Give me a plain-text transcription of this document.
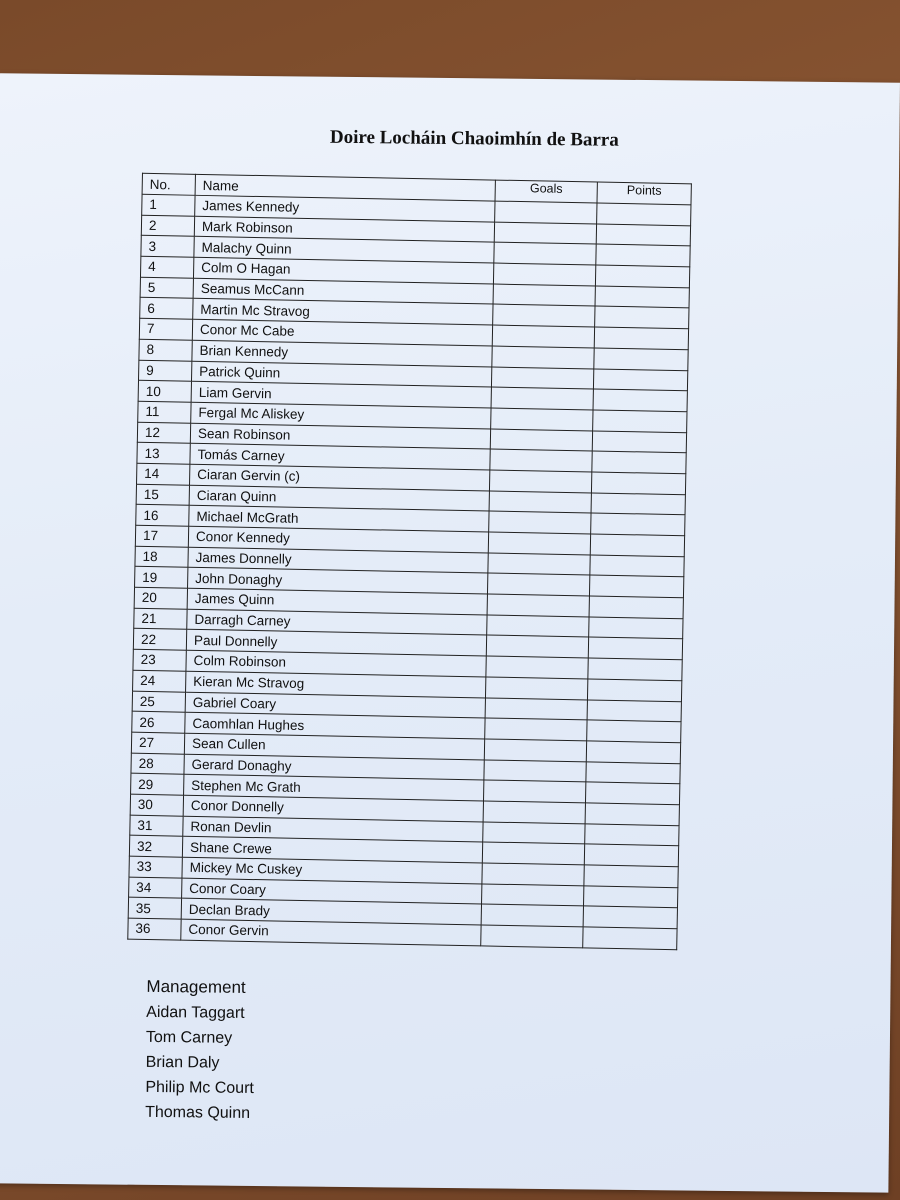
Doire Locháin Chaoimhín de Barra
No.	Name	Goals	Points
1	James Kennedy		
2	Mark Robinson		
3	Malachy Quinn		
4	Colm O Hagan		
5	Seamus McCann		
6	Martin Mc Stravog		
7	Conor Mc Cabe		
8	Brian Kennedy		
9	Patrick Quinn		
10	Liam Gervin		
11	Fergal Mc Aliskey		
12	Sean Robinson		
13	Tomás Carney		
14	Ciaran Gervin (c)		
15	Ciaran Quinn		
16	Michael McGrath		
17	Conor Kennedy		
18	James Donnelly		
19	John Donaghy		
20	James Quinn		
21	Darragh Carney		
22	Paul Donnelly		
23	Colm Robinson		
24	Kieran Mc Stravog		
25	Gabriel Coary		
26	Caomhlan Hughes		
27	Sean Cullen		
28	Gerard Donaghy		
29	Stephen Mc Grath		
30	Conor Donnelly		
31	Ronan Devlin		
32	Shane Crewe		
33	Mickey Mc Cuskey		
34	Conor Coary		
35	Declan Brady		
36	Conor Gervin		
Management
Aidan Taggart
Tom Carney
Brian Daly
Philip Mc Court
Thomas Quinn
